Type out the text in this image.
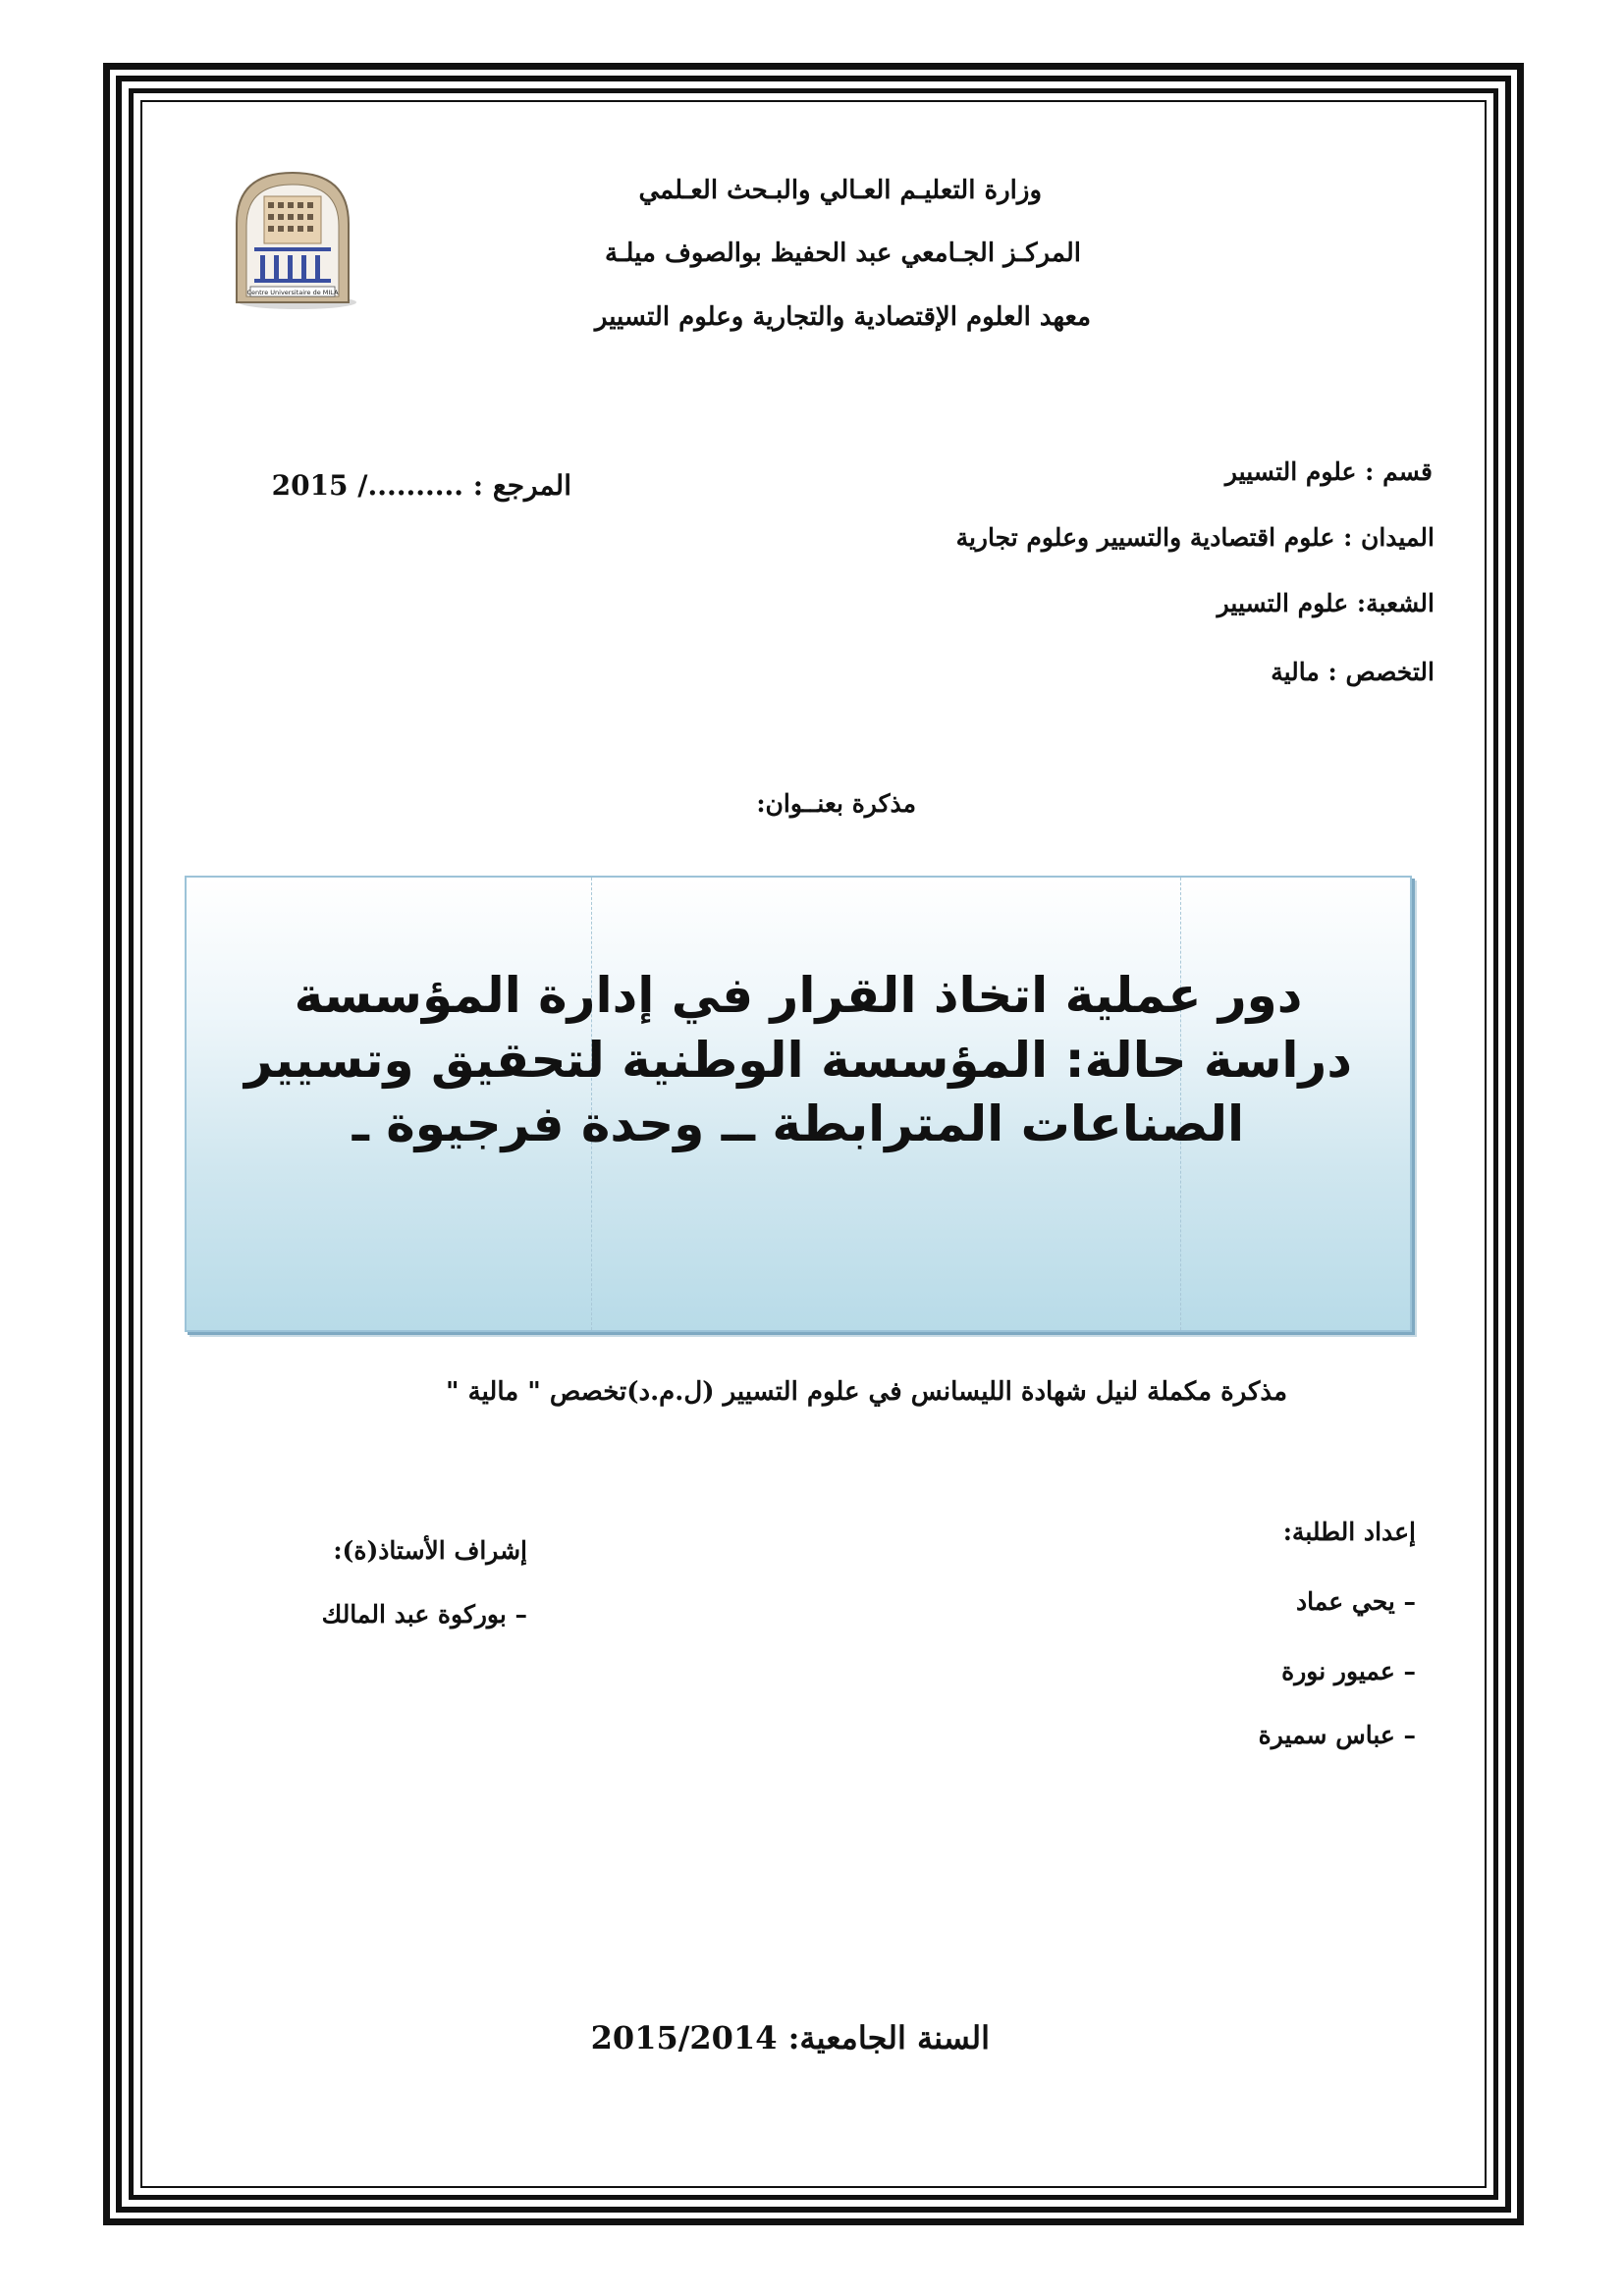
Centre Universitaire de MILA
وزارة التعليـم العـالي والبـحث العـلمي
المركـز الجـامعي عبد الحفيظ بوالصوف ميلـة
معهد العلوم الإقتصادية والتجارية وعلوم التسيير
قسم : علوم التسيير
الميدان : علوم اقتصادية والتسيير وعلوم تجارية
الشعبة: علوم التسيير
التخصص : مالية
المرجع : ........../ 2015
مذكرة بعنــوان:
دور عملية اتخاذ القرار في إدارة المؤسسة
دراسة حالة: المؤسسة الوطنية لتحقيق وتسيير
الصناعات المترابطة ــ وحدة فرجيوة ـ
مذكرة مكملة لنيل شهادة الليسانس في علوم التسيير (ل.م.د)تخصص " مالية "
إعداد الطلبة:
– يحي عماد
– عميور نورة
– عباس سميرة
إشراف الأستاذ(ة):
– بوركوة عبد المالك
السنة الجامعية: 2015/2014
